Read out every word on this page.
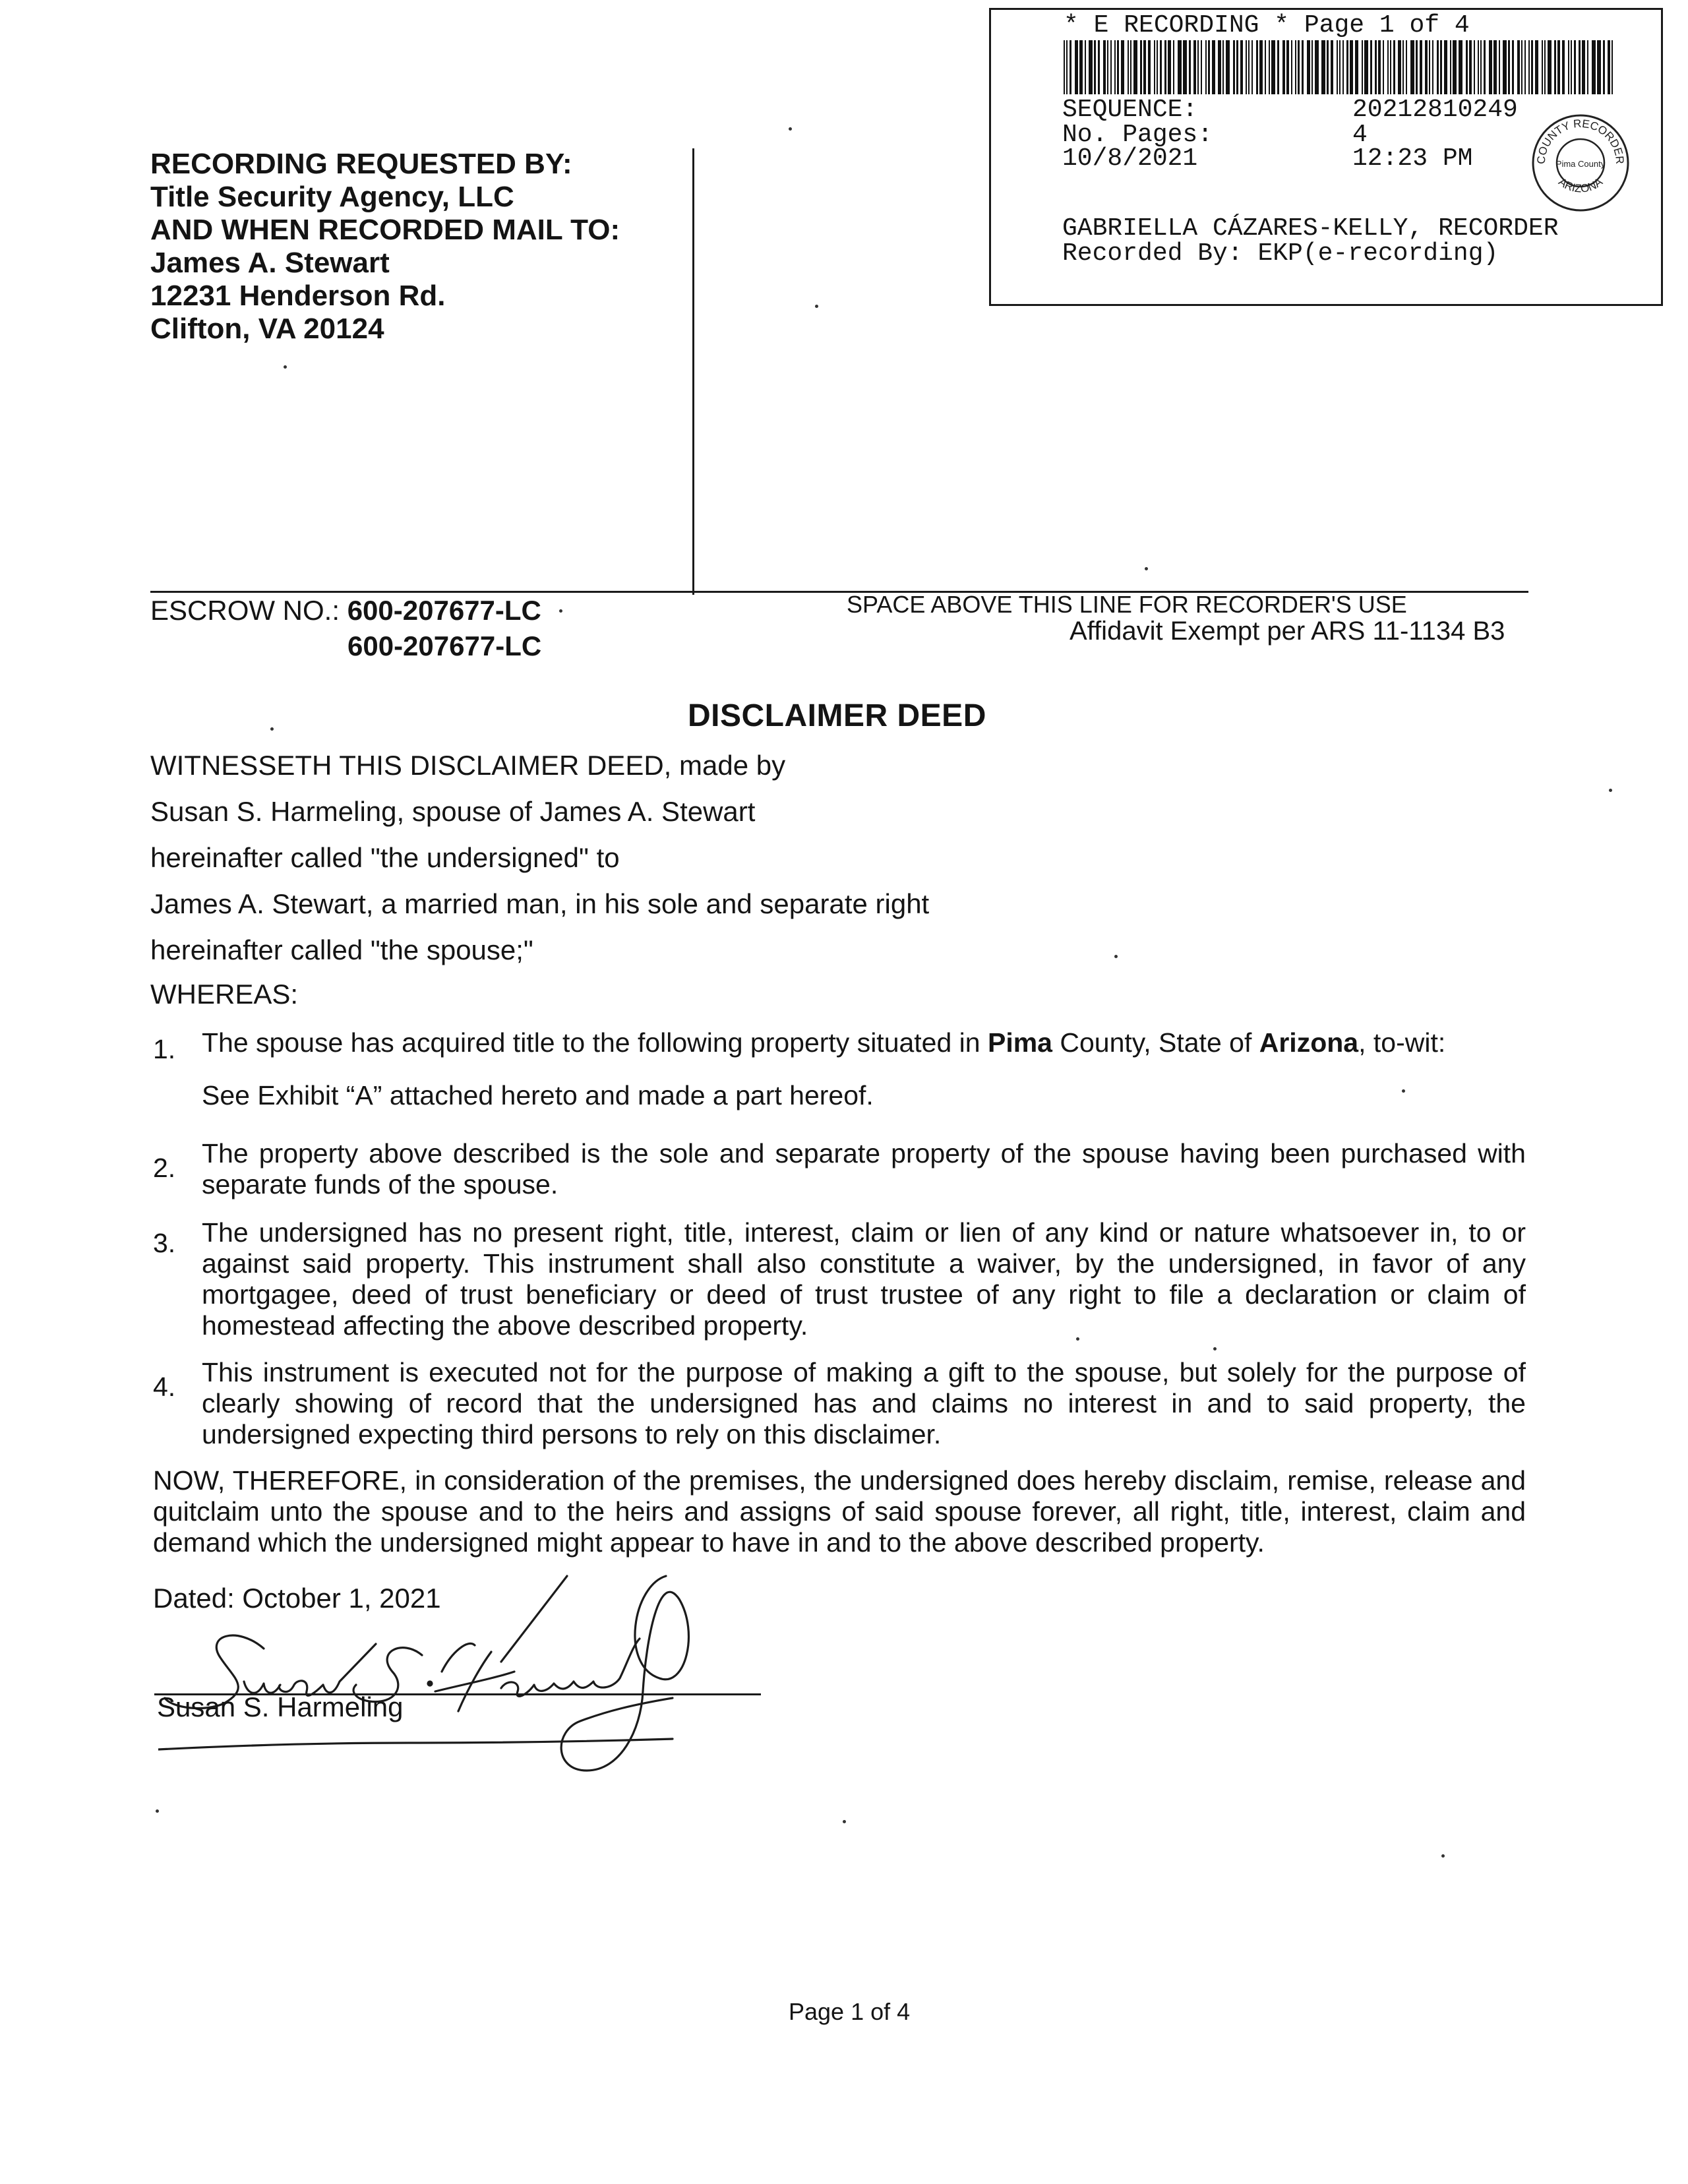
* E RECORDING * Page 1 of 4
SEQUENCE:	20212810249
No. Pages:	4
10/8/2021	12:23 PM	COUNTY RECORDER
Pima County
ARIZONA
GABRIELLA CÁZARES-KELLY, RECORDER
Recorded By: EKP(e-recording)
RECORDING REQUESTED BY:
Title Security Agency, LLC
AND WHEN RECORDED MAIL TO:
James A. Stewart
12231 Henderson Rd.
Clifton, VA 20124
ESCROW NO.: 600-207677-LC
600-207677-LC
SPACE ABOVE THIS LINE FOR RECORDER'S USE
Affidavit Exempt per ARS 11-1134 B3
DISCLAIMER DEED
WITNESSETH THIS DISCLAIMER DEED, made by
Susan S. Harmeling, spouse of James A. Stewart
hereinafter called "the undersigned" to
James A. Stewart, a married man, in his sole and separate right
hereinafter called "the spouse;"
WHEREAS:
1. The spouse has acquired title to the following property situated in Pima County, State of Arizona, to-wit:
See Exhibit “A” attached hereto and made a part hereof.
2. The property above described is the sole and separate property of the spouse having been purchased with separate funds of the spouse.
3. The undersigned has no present right, title, interest, claim or lien of any kind or nature whatsoever in, to or against said property. This instrument shall also constitute a waiver, by the undersigned, in favor of any mortgagee, deed of trust beneficiary or deed of trust trustee of any right to file a declaration or claim of homestead affecting the above described property.
4. This instrument is executed not for the purpose of making a gift to the spouse, but solely for the purpose of clearly showing of record that the undersigned has and claims no interest in and to said property, the undersigned expecting third persons to rely on this disclaimer.
NOW, THEREFORE, in consideration of the premises, the undersigned does hereby disclaim, remise, release and quitclaim unto the spouse and to the heirs and assigns of said spouse forever, all right, title, interest, claim and demand which the undersigned might appear to have in and to the above described property.
Dated: October 1, 2021
Susan S. Harmeling
Page 1 of 4
